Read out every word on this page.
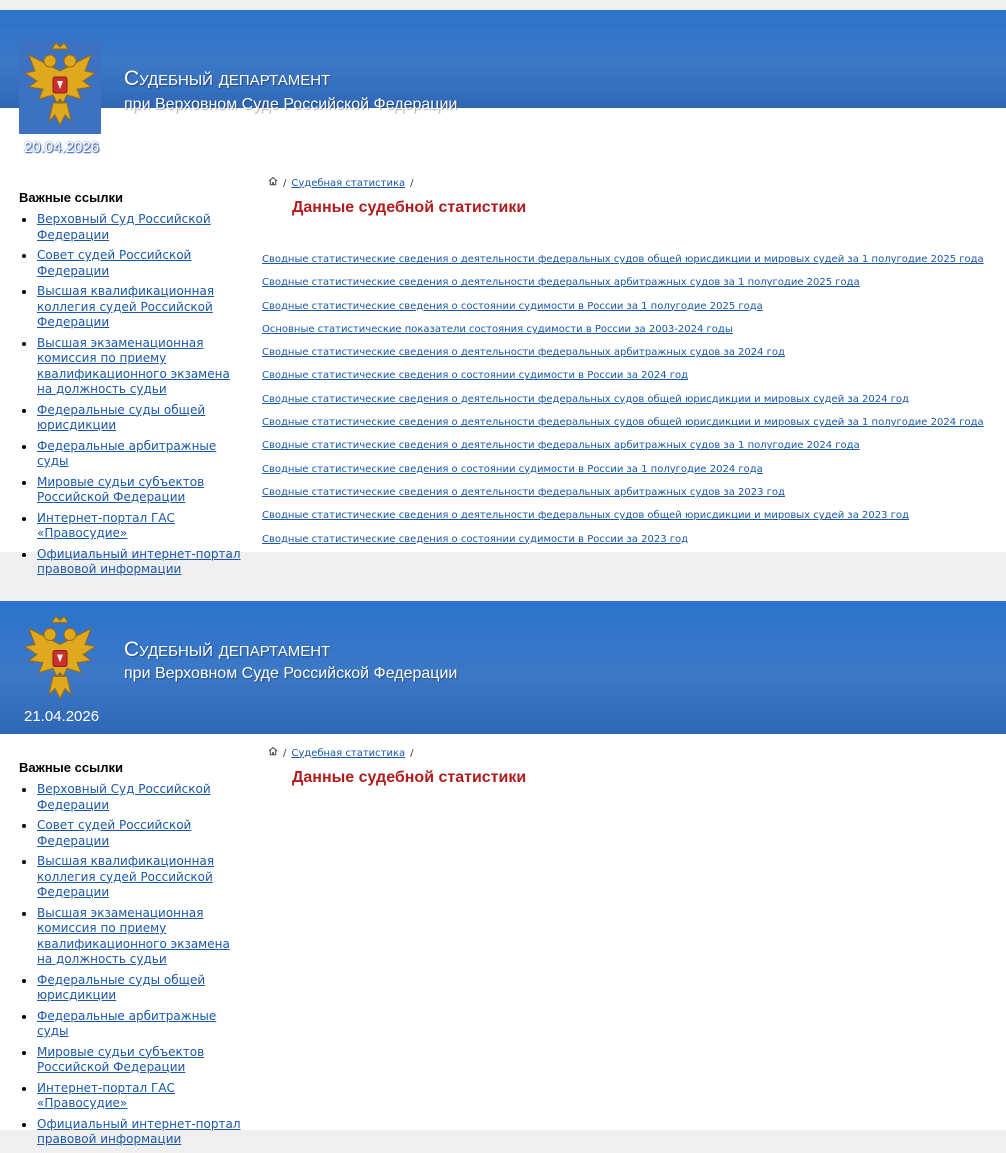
Судебный департамент
при Верховном Суде Российской Федерации
20.04.2026
Важные ссылки
Верховный Суд Российской Федерации
Совет судей Российской Федерации
Высшая квалификационная коллегия судей Российской Федерации
Высшая экзаменационная комиссия по приему квалификационного экзамена на должность судьи
Федеральные суды общей юрисдикции
Федеральные арбитражные суды
Мировые судьи субъектов Российской Федерации
Интернет-портал ГАС «Правосудие»
Официальный интернет-портал правовой информации
/ Судебная статистика /
Данные судебной статистики
Сводные статистические сведения о деятельности федеральных судов общей юрисдикции и мировых судей за 1 полугодие 2025 года
Сводные статистические сведения о деятельности федеральных арбитражных судов за 1 полугодие 2025 года
Сводные статистические сведения о состоянии судимости в России за 1 полугодие 2025 года
Основные статистические показатели состояния судимости в России за 2003-2024 годы
Сводные статистические сведения о деятельности федеральных арбитражных судов за 2024 год
Сводные статистические сведения о состоянии судимости в России за 2024 год
Сводные статистические сведения о деятельности федеральных судов общей юрисдикции и мировых судей за 2024 год
Сводные статистические сведения о деятельности федеральных судов общей юрисдикции и мировых судей за 1 полугодие 2024 года
Сводные статистические сведения о деятельности федеральных арбитражных судов за 1 полугодие 2024 года
Сводные статистические сведения о состоянии судимости в России за 1 полугодие 2024 года
Сводные статистические сведения о деятельности федеральных арбитражных судов за 2023 год
Сводные статистические сведения о деятельности федеральных судов общей юрисдикции и мировых судей за 2023 год
Сводные статистические сведения о состоянии судимости в России за 2023 год
Судебный департамент
при Верховном Суде Российской Федерации
21.04.2026
Важные ссылки
Верховный Суд Российской Федерации
Совет судей Российской Федерации
Высшая квалификационная коллегия судей Российской Федерации
Высшая экзаменационная комиссия по приему квалификационного экзамена на должность судьи
Федеральные суды общей юрисдикции
Федеральные арбитражные суды
Мировые судьи субъектов Российской Федерации
Интернет-портал ГАС «Правосудие»
Официальный интернет-портал правовой информации
/ Судебная статистика /
Данные судебной статистики
